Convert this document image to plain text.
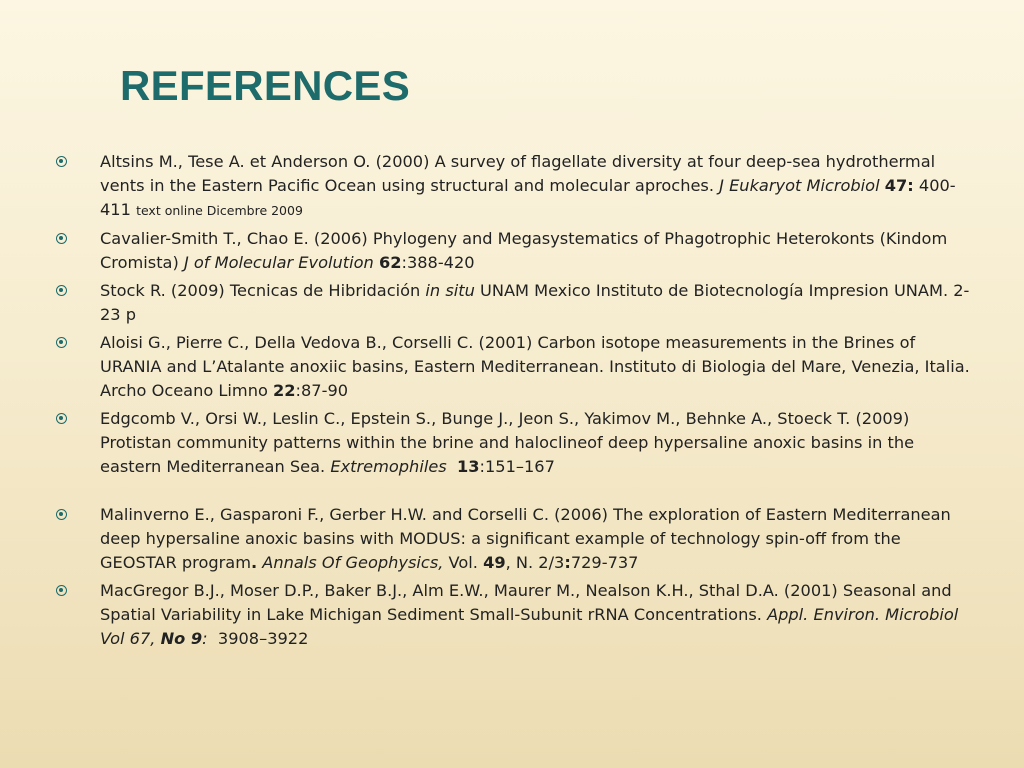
REFERENCES
Altsins M., Tese A. et Anderson O. (2000) A survey of flagellate diversity at four deep-sea hydrothermal vents in the Eastern Pacific Ocean using structural and molecular aproches. J Eukaryot Microbiol 47: 400-411 text online Dicembre 2009
Cavalier-Smith T., Chao E. (2006) Phylogeny and Megasystematics of Phagotrophic Heterokonts (Kindom Cromista) J of Molecular Evolution 62:388-420
Stock R. (2009) Tecnicas de Hibridación in situ UNAM Mexico Instituto de Biotecnología Impresion UNAM. 2-23 p
Aloisi G., Pierre C., Della Vedova B., Corselli C. (2001) Carbon isotope measurements in the Brines of URANIA and L’Atalante anoxiic basins, Eastern Mediterranean. Instituto di Biologia del Mare, Venezia, Italia. Archo Oceano Limno 22:87-90
Edgcomb V., Orsi W., Leslin C., Epstein S., Bunge J., Jeon S., Yakimov M., Behnke A., Stoeck T. (2009) Protistan community patterns within the brine and haloclineof deep hypersaline anoxic basins in the eastern Mediterranean Sea. Extremophiles 13:151–167
Malinverno E., Gasparoni F., Gerber H.W. and Corselli C. (2006) The exploration of Eastern Mediterranean deep hypersaline anoxic basins with MODUS: a significant example of technology spin-off from the GEOSTAR program. Annals Of Geophysics, Vol. 49, N. 2/3:729-737
MacGregor B.J., Moser D.P., Baker B.J., Alm E.W., Maurer M., Nealson K.H., Sthal D.A. (2001) Seasonal and Spatial Variability in Lake Michigan Sediment Small-Subunit rRNA Concentrations. Appl. Environ. Microbiol Vol 67, No 9:  3908–3922
